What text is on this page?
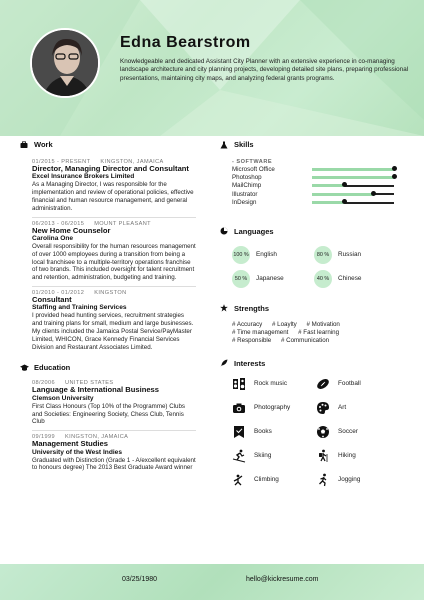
Edna Bearstrom
Knowledgeable and dedicated Assistant City Planner with an extensive experience in co-managing landscape architecture and city planning projects, developing detailed site plans, preparing professional presentations, maintaining city maps, and analyzing federal grants programs.
Work
01/2015 - PRESENT KINGSTON, JAMAICA
Director, Managing Director and Consultant
Excel Insurance Brokers Limited
As a Managing Director, I was responsible for the implementation and review of operational policies, effective financial and human resource management, and general administration.
06/2013 - 06/2015 MOUNT PLEASANT
New Home Counselor
Carolina One
Overall responsibility for the human resources management of over 1000 employees during a transition from being a local franchisee to a multiple-territory operations franchise of two brands. This included oversight for talent recruitment and retention, administration, budgeting and training.
01/2010 - 01/2012 KINGSTON
Consultant
Staffing and Training Services
I provided head hunting services, recruitment strategies and training plans for small, medium and large businesses. My clients included the Jamaica Postal Service/PayMaster Limited, WHICON, Grace Kennedy Financial Services Division and Restaurant Associates Limited.
Education
08/2006 UNITED STATES
Language & International Business
Clemson University
First Class Honours (Top 10% of the Programme) Clubs and Societies: Engineering Society, Chess Club, Tennis Club
09/1999 KINGSTON, JAMAICA
Management Studies
University of the West Indies
Graduated with Distinction (Grade 1 - A/excellent equivalent to honours degree) The 2013 Best Graduate Award winner
Skills
- SOFTWARE
Microsoft Office
Photoshop
MailChimp
Illustrator
InDesign
Languages
100 % English	80 %	Russian
50 %	Japanese	40 %	Chinese
Strengths
# Accuracy # Loaylty # Motivation
# Time management # Fast learning
# Responsible # Communication
Interests
Rock music	Football
Photography	Art
Books	Soccer
Skiing	Hiking
Climbing	Jogging
03/25/1980	hello@kickresume.com
